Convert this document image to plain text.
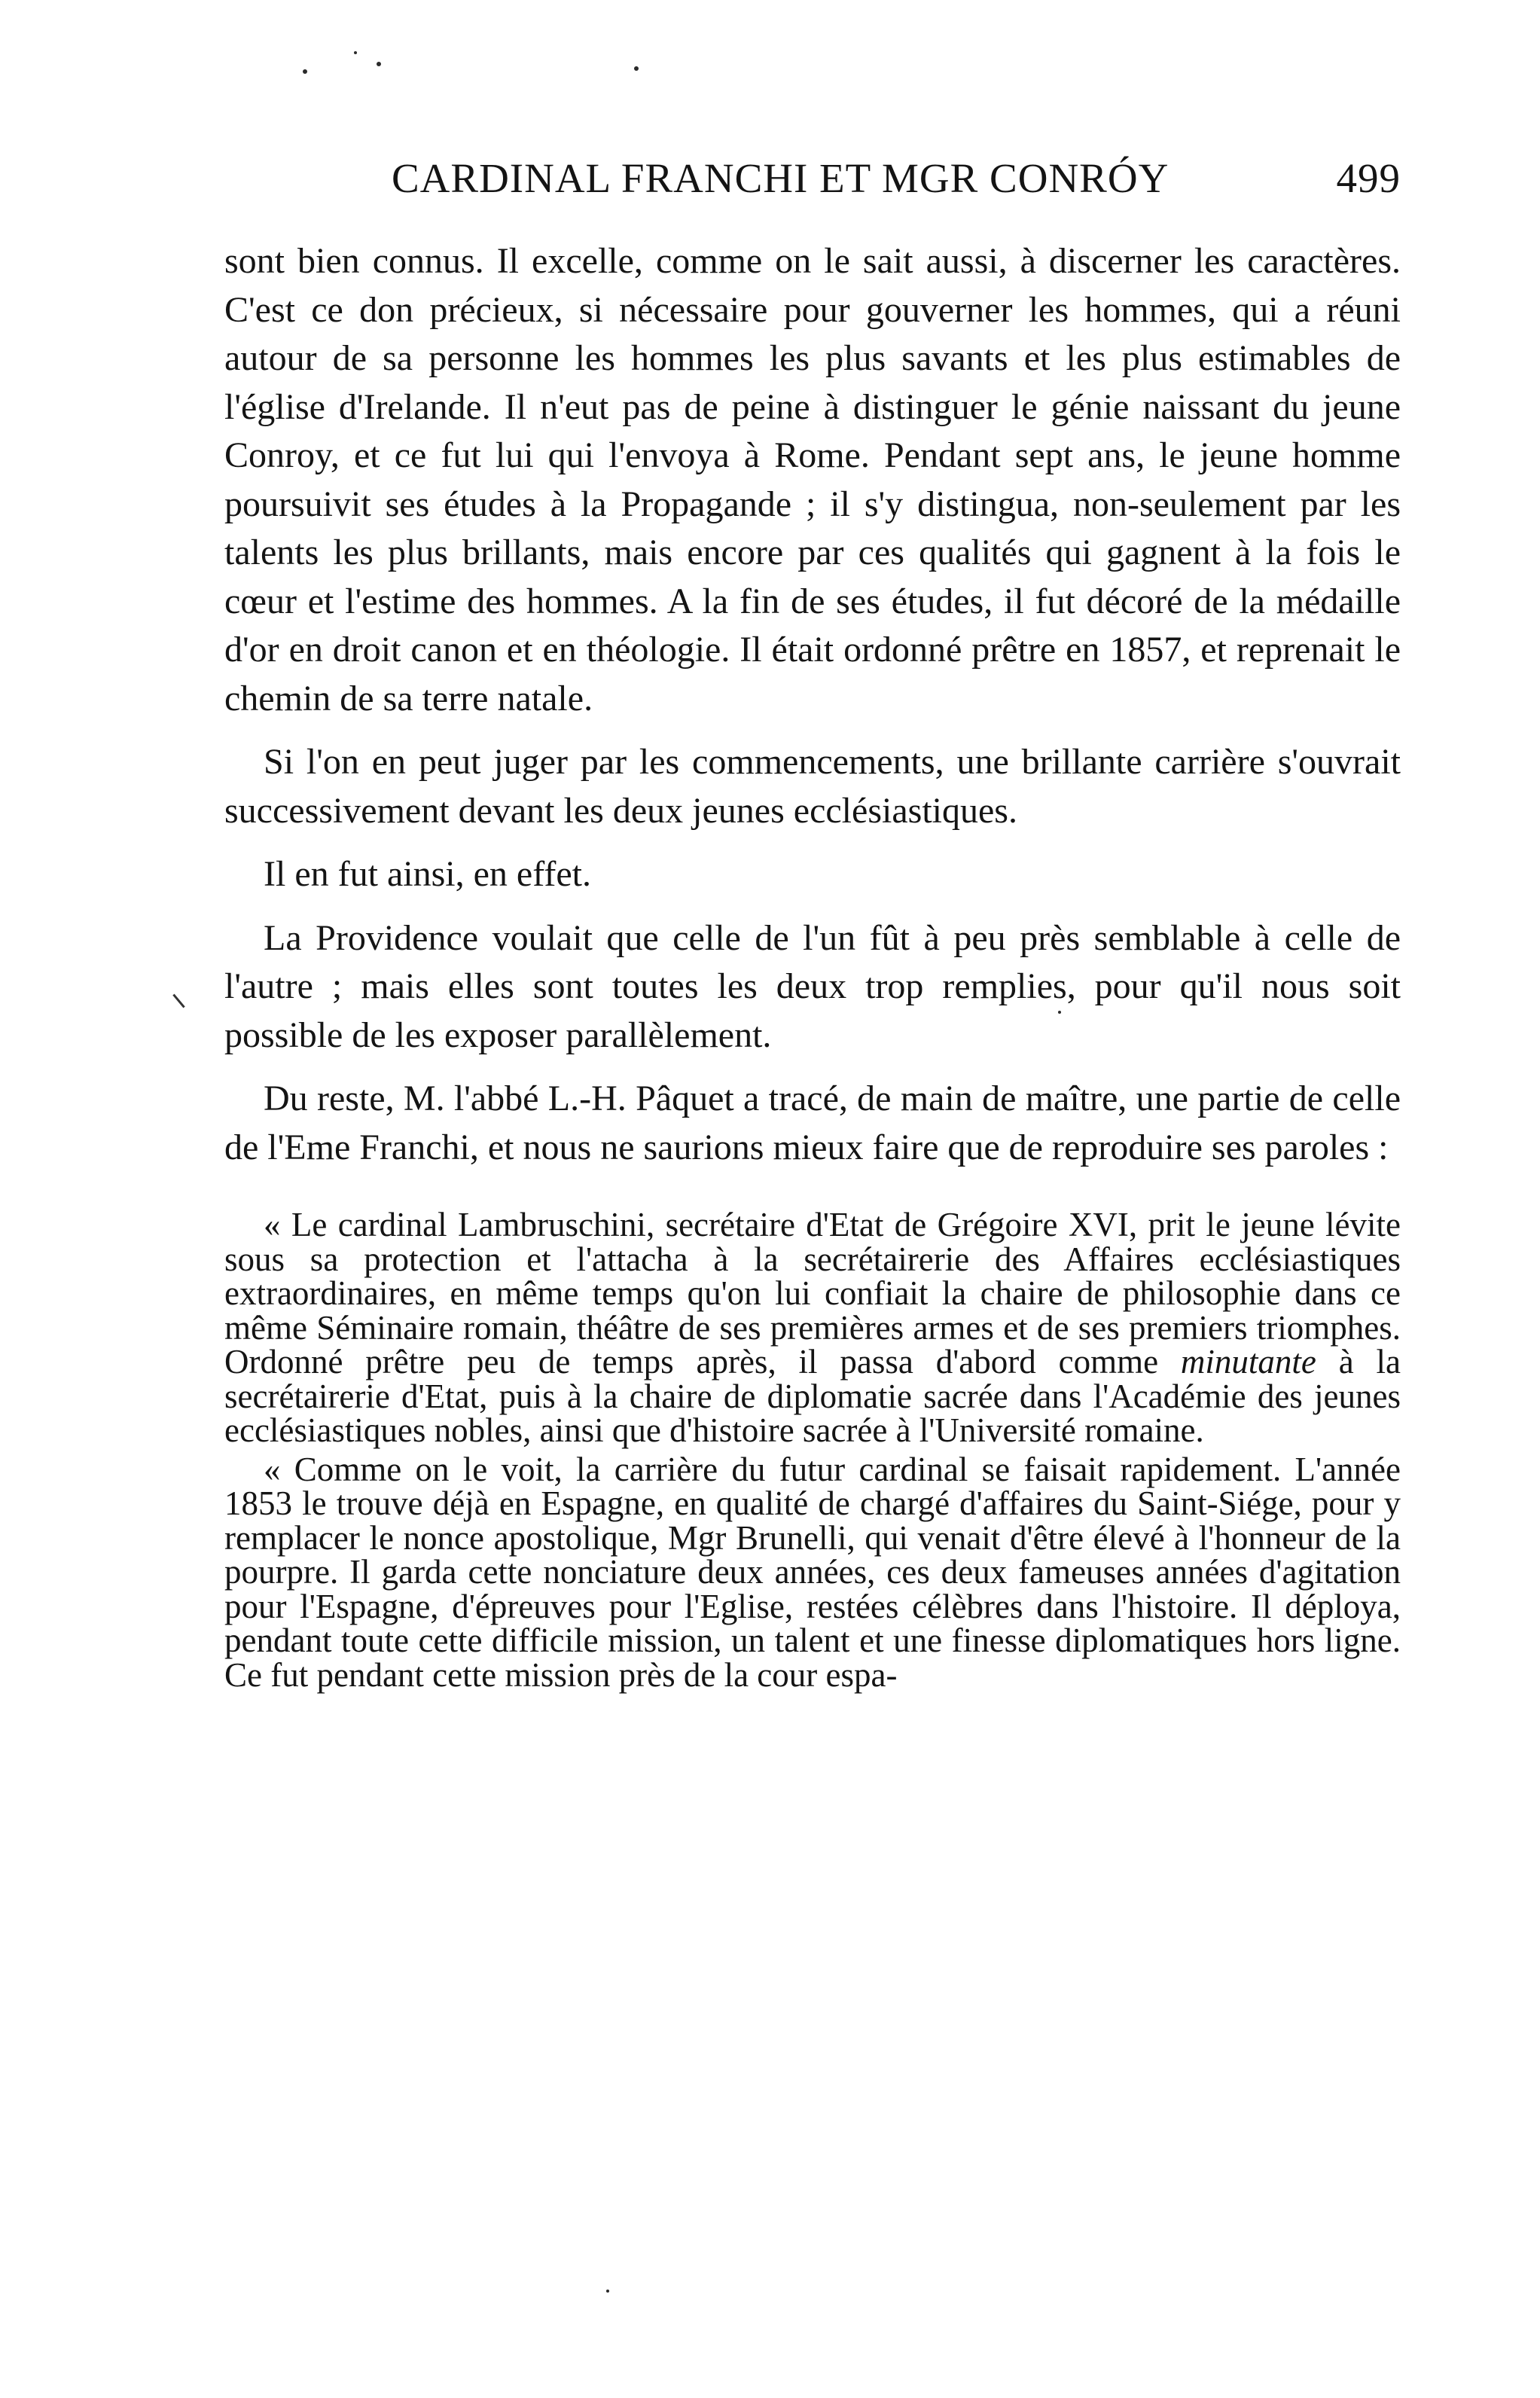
CARDINAL FRANCHI ET MGR CONRÓY	499

sont bien connus. Il excelle, comme on le sait aussi, à discerner les caractères. C'est ce don précieux, si nécessaire pour gouverner les hommes, qui a réuni autour de sa personne les hommes les plus savants et les plus estimables de l'église d'Irelande. Il n'eut pas de peine à distinguer le génie naissant du jeune Conroy, et ce fut lui qui l'envoya à Rome. Pendant sept ans, le jeune homme poursuivit ses études à la Propagande ; il s'y distingua, non-seulement par les talents les plus brillants, mais encore par ces qualités qui gagnent à la fois le cœur et l'estime des hommes. A la fin de ses études, il fut décoré de la médaille d'or en droit canon et en théologie. Il était ordonné prêtre en 1857, et reprenait le chemin de sa terre natale.

Si l'on en peut juger par les commencements, une brillante carrière s'ouvrait successivement devant les deux jeunes ecclésiastiques.

Il en fut ainsi, en effet.

La Providence voulait que celle de l'un fût à peu près semblable à celle de l'autre ; mais elles sont toutes les deux trop remplies, pour qu'il nous soit possible de les exposer parallèlement.

Du reste, M. l'abbé L.-H. Pâquet a tracé, de main de maître, une partie de celle de l'Eme Franchi, et nous ne saurions mieux faire que de reproduire ses paroles :

« Le cardinal Lambruschini, secrétaire d'Etat de Grégoire XVI, prit le jeune lévite sous sa protection et l'attacha à la secrétairerie des Affaires ecclésiastiques extraordinaires, en même temps qu'on lui confiait la chaire de philosophie dans ce même Séminaire romain, théâtre de ses premières armes et de ses premiers triomphes. Ordonné prêtre peu de temps après, il passa d'abord comme minutante à la secrétairerie d'Etat, puis à la chaire de diplomatie sacrée dans l'Académie des jeunes ecclésiastiques nobles, ainsi que d'histoire sacrée à l'Université romaine.

« Comme on le voit, la carrière du futur cardinal se faisait rapidement. L'année 1853 le trouve déjà en Espagne, en qualité de chargé d'affaires du Saint-Siége, pour y remplacer le nonce apostolique, Mgr Brunelli, qui venait d'être élevé à l'honneur de la pourpre. Il garda cette nonciature deux années, ces deux fameuses années d'agitation pour l'Espagne, d'épreuves pour l'Eglise, restées célèbres dans l'histoire. Il déploya, pendant toute cette difficile mission, un talent et une finesse diplomatiques hors ligne. Ce fut pendant cette mission près de la cour espa-
